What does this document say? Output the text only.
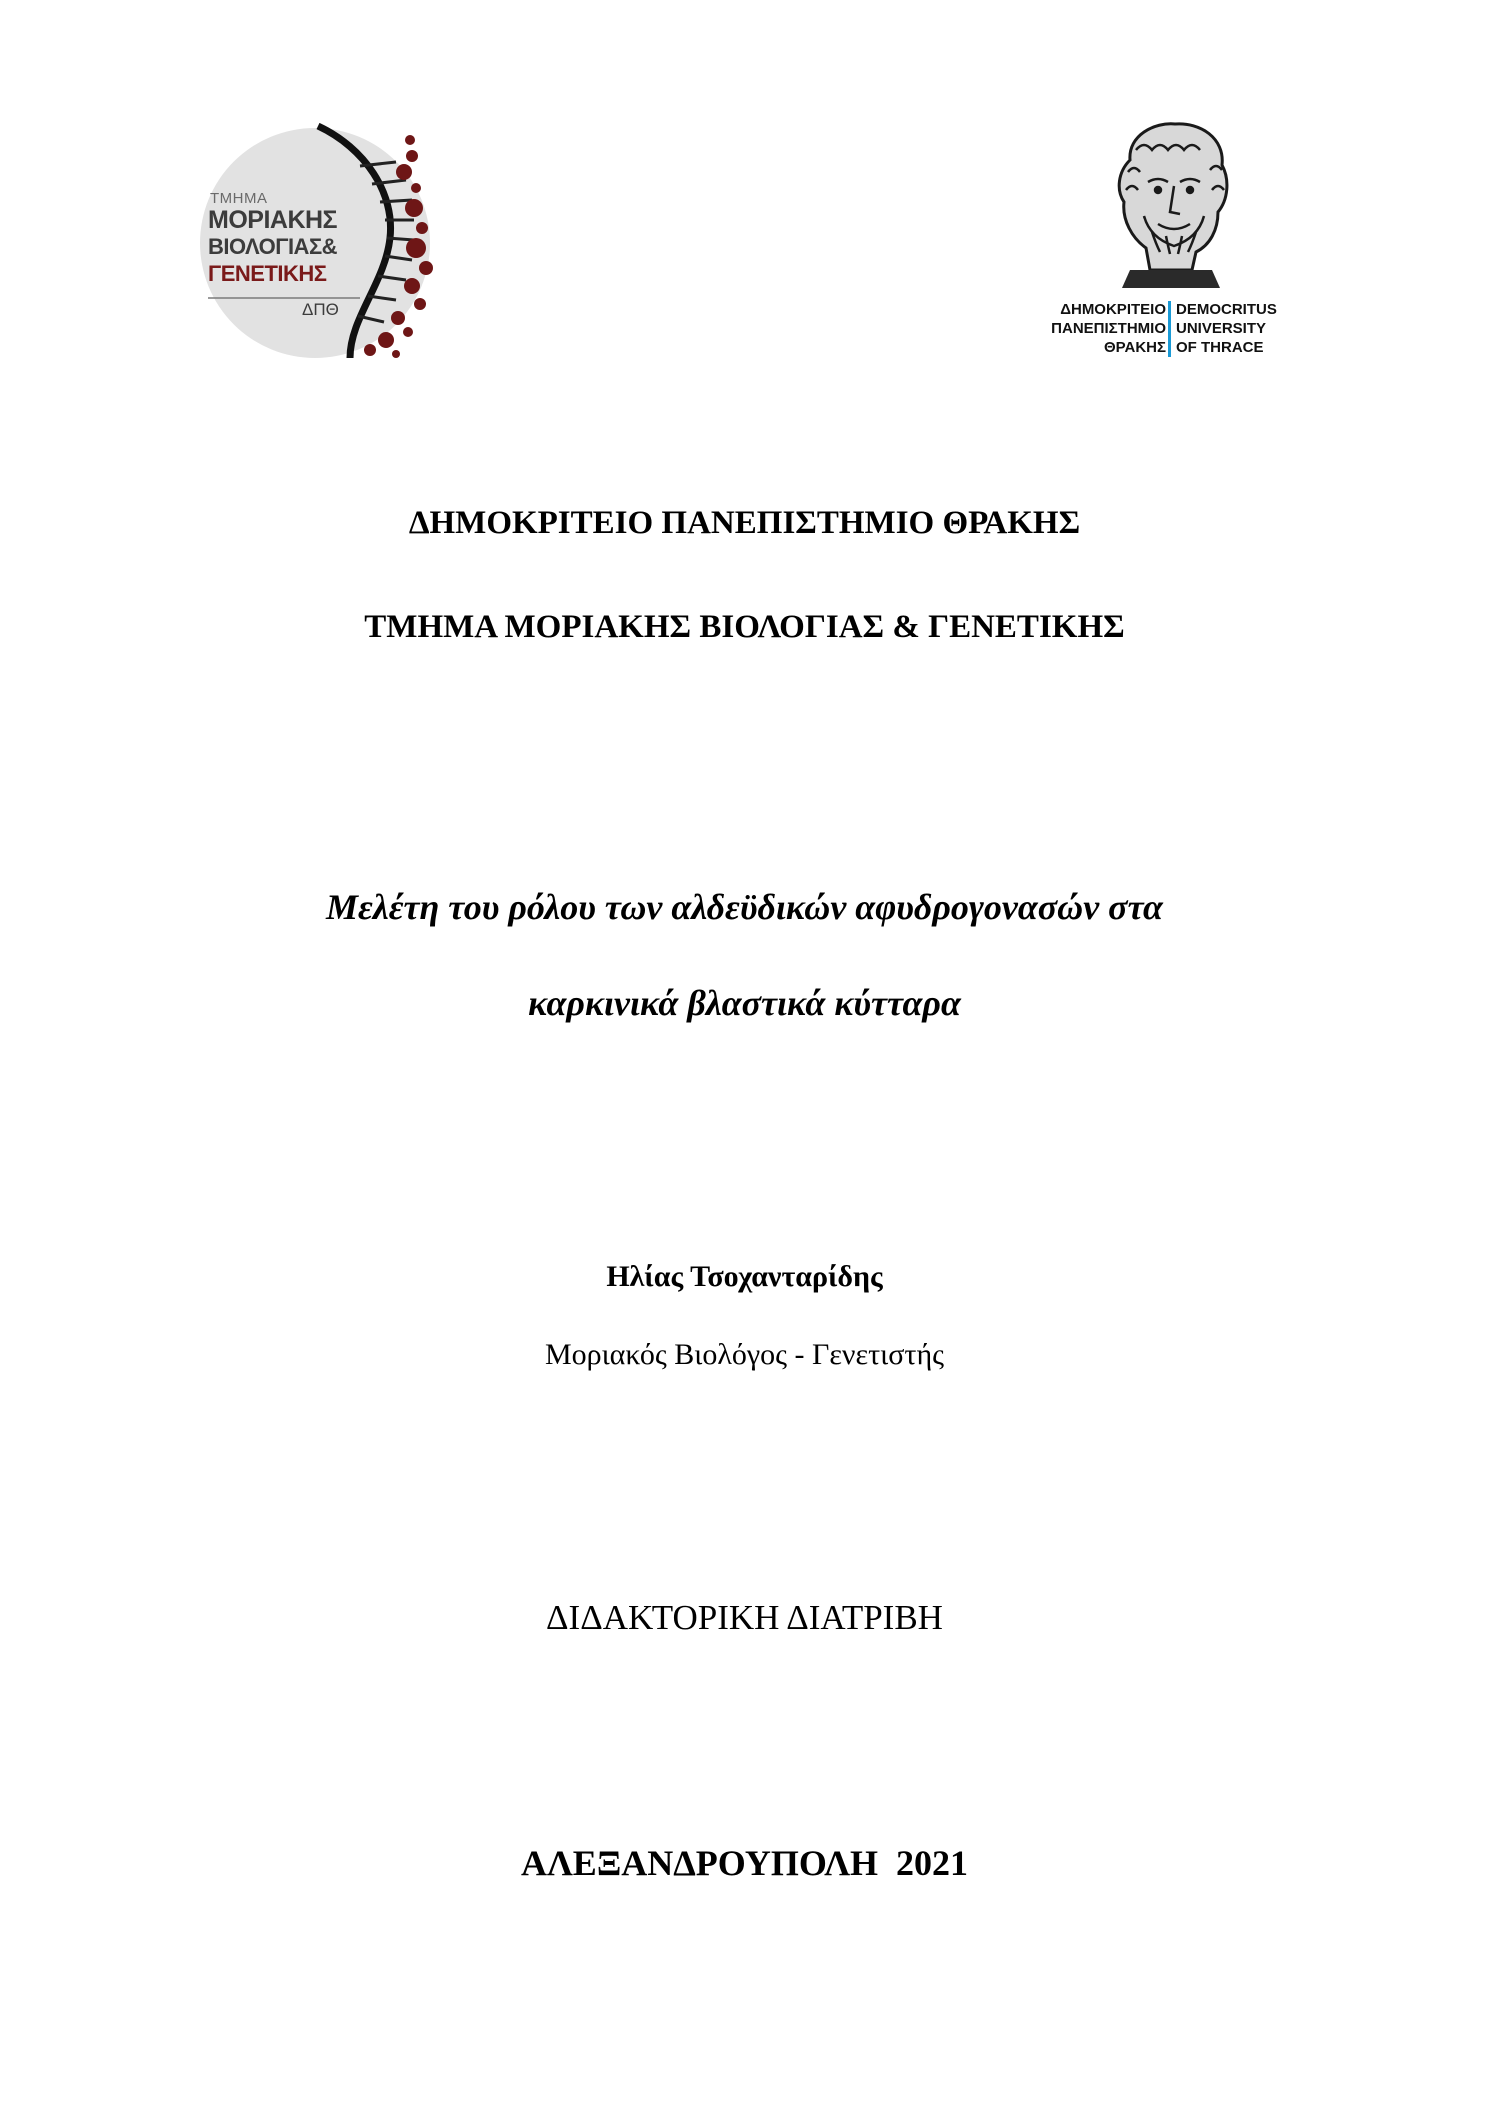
ΤΜΗΜΑ
ΜΟΡΙΑΚΗΣ
ΒΙΟΛΟΓΙΑΣ&
ΓΕΝΕΤΙΚΗΣ
ΔΠΘ	ΔΗΜΟΚΡΙΤΕΙΟ
ΠΑΝΕΠΙΣΤΗΜΙΟ
ΘΡΑΚΗΣ
DEMOCRITUS
UNIVERSITY
OF THRACE
ΔΗΜΟΚΡΙΤΕΙΟ ΠΑΝΕΠΙΣΤΗΜΙΟ ΘΡΑΚΗΣ
ΤΜΗΜΑ ΜΟΡΙΑΚΗΣ ΒΙΟΛΟΓΙΑΣ & ΓΕΝΕΤΙΚΗΣ
Μελέτη του ρόλου των αλδεϋδικών αφυδρογονασών στα
καρκινικά βλαστικά κύτταρα
Ηλίας Τσοχανταρίδης
Μοριακός Βιολόγος - Γενετιστής
ΔΙΔΑΚΤΟΡΙΚΗ ΔΙΑΤΡΙΒΗ
ΑΛΕΞΑΝΔΡΟΥΠΟΛΗ  2021
